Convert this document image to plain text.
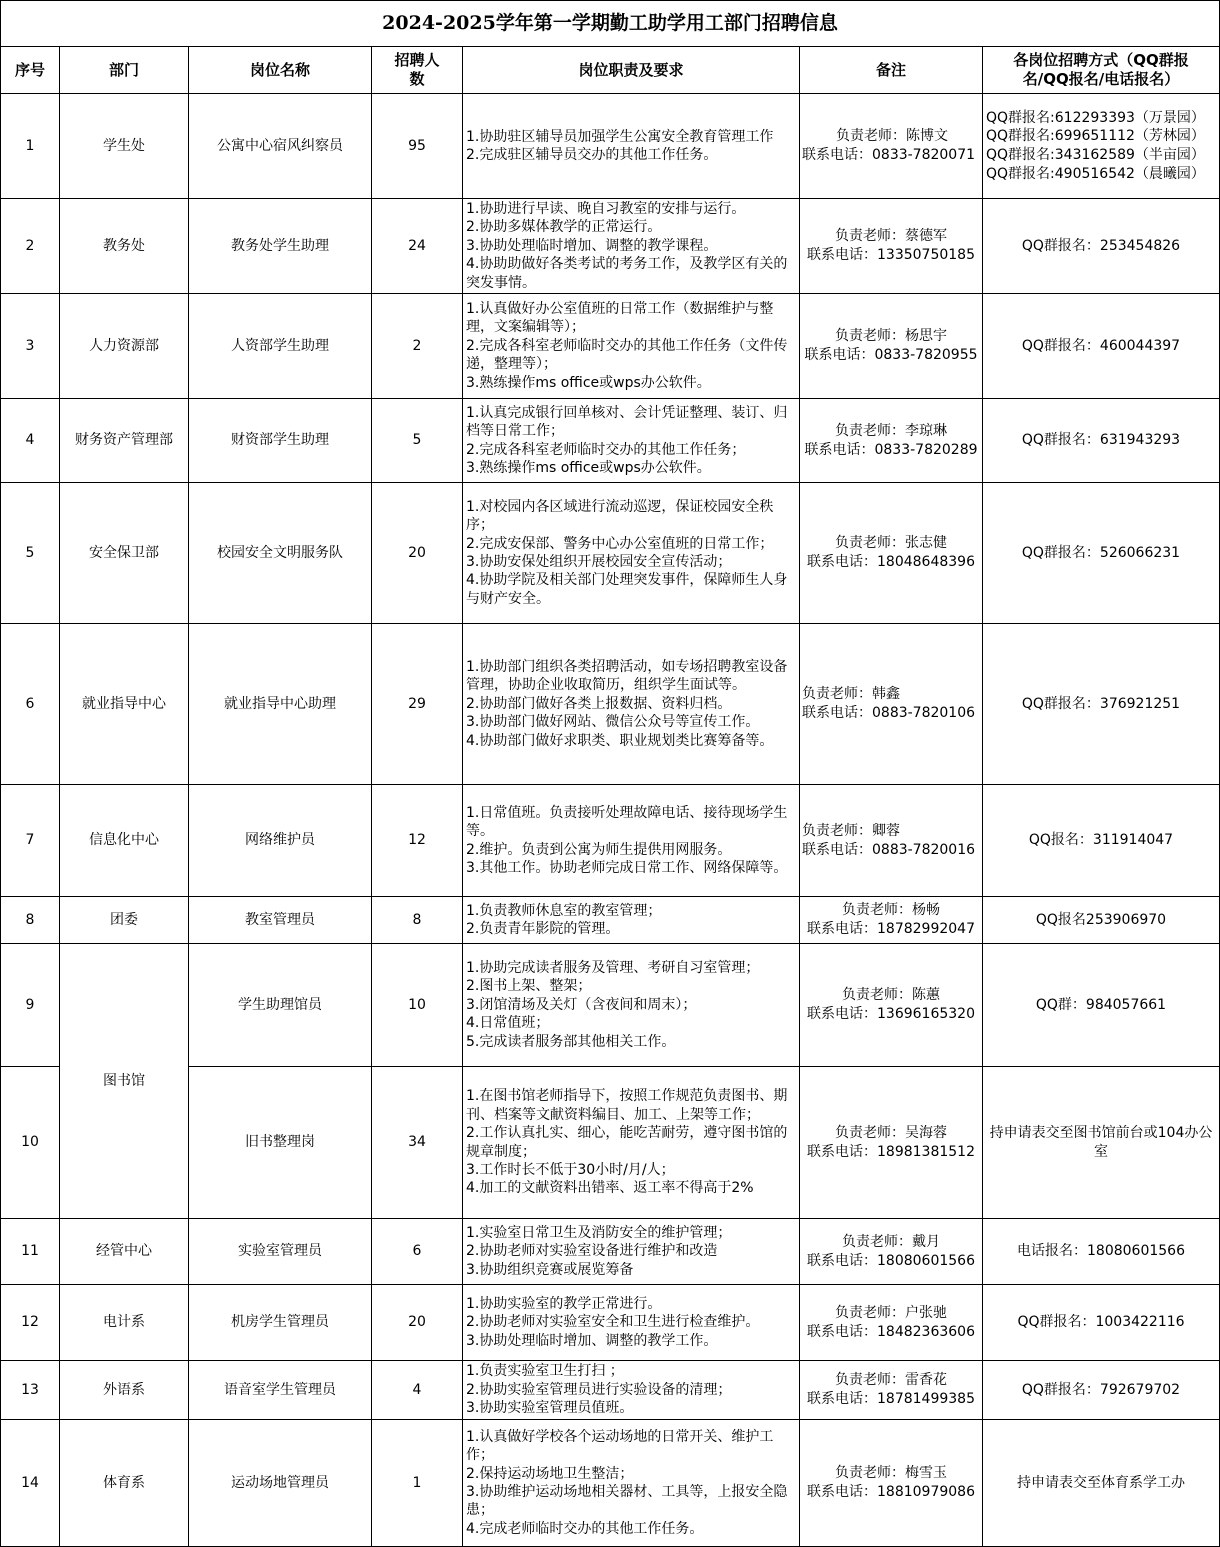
2024-2025学年第一学期勤工助学用工部门招聘信息						
序号	部门	岗位名称	招聘人数	岗位职责及要求	备注	各岗位招聘方式（QQ群报名/QQ报名/电话报名）
1	学生处	公寓中心宿风纠察员	95	1.协助驻区辅导员加强学生公寓安全教育管理工作
2.完成驻区辅导员交办的其他工作任务。	负责老师：陈博文
联系电话：0833-7820071	QQ群报名:612293393（万景园）
QQ群报名:699651112（芳林园）
QQ群报名:343162589（半亩园）
QQ群报名:490516542（晨曦园）

2	教务处	教务处学生助理	24	1.协助进行早读、晚自习教室的安排与运行。
2.协助多媒体教学的正常运行。
3.协助处理临时增加、调整的教学课程。
4.协助助做好各类考试的考务工作，及教学区有关的突发事情。	负责老师：蔡德军
联系电话：13350750185	QQ群报名：253454826

3	人力资源部	人资部学生助理	2	1.认真做好办公室值班的日常工作（数据维护与整理，文案编辑等）；
2.完成各科室老师临时交办的其他工作任务（文件传递，整理等）；
3.熟练操作ms office或wps办公软件。	负责老师：杨思宇
联系电话：0833-7820955	QQ群报名：460044397

4	财务资产管理部	财资部学生助理	5	1.认真完成银行回单核对、会计凭证整理、装订、归档等日常工作；
2.完成各科室老师临时交办的其他工作任务；
3.熟练操作ms office或wps办公软件。	负责老师：李琼琳
联系电话：0833-7820289	QQ群报名：631943293

5	安全保卫部	校园安全文明服务队	20	1.对校园内各区域进行流动巡逻，保证校园安全秩序；
2.完成安保部、警务中心办公室值班的日常工作；
3.协助安保处组织开展校园安全宣传活动；
4.协助学院及相关部门处理突发事件，保障师生人身与财产安全。	负责老师：张志健
联系电话：18048648396	QQ群报名：526066231

6	就业指导中心	就业指导中心助理	29	1.协助部门组织各类招聘活动，如专场招聘教室设备管理，协助企业收取简历，组织学生面试等。
2.协助部门做好各类上报数据、资料归档。
3.协助部门做好网站、微信公众号等宣传工作。
4.协助部门做好求职类、职业规划类比赛筹备等。	负责老师：韩鑫
联系电话：0883-7820106	QQ群报名：376921251

7	信息化中心	网络维护员	12	1.日常值班。负责接听处理故障电话、接待现场学生等。
2.维护。负责到公寓为师生提供用网服务。
3.其他工作。协助老师完成日常工作、网络保障等。	负责老师：卿蓉
联系电话：0883-7820016	QQ报名：311914047

8	团委	教室管理员	8	1.负责教师休息室的教室管理；
2.负责青年影院的管理。	负责老师：杨畅
联系电话：18782992047	QQ报名253906970

9	图书馆	学生助理馆员	10	1.协助完成读者服务及管理、考研自习室管理；
2.图书上架、整架；
3.闭馆清场及关灯（含夜间和周末）；
4.日常值班；
5.完成读者服务部其他相关工作。	负责老师：陈蕙
联系电话：13696165320	QQ群：984057661

10		旧书整理岗	34	1.在图书馆老师指导下，按照工作规范负责图书、期刊、档案等文献资料编目、加工、上架等工作；
2.工作认真扎实、细心，能吃苦耐劳，遵守图书馆的规章制度；
3.工作时长不低于30小时/月/人；
4.加工的文献资料出错率、返工率不得高于2%	负责老师：吴海蓉
联系电话：18981381512	持申请表交至图书馆前台或104办公室

11	经管中心	实验室管理员	6	1.实验室日常卫生及消防安全的维护管理；
2.协助老师对实验室设备进行维护和改造
3.协助组织竞赛或展览筹备	负责老师：戴月
联系电话：18080601566	电话报名：18080601566

12	电计系	机房学生管理员	20	1.协助实验室的教学正常进行。
2.协助老师对实验室安全和卫生进行检查维护。
3.协助处理临时增加、调整的教学工作。	负责老师：户张驰
联系电话：18482363606	QQ群报名：1003422116

13	外语系	语音室学生管理员	4	1.负责实验室卫生打扫 ；
2.协助实验室管理员进行实验设备的清理；
3.协助实验室管理员值班。	负责老师：雷香花
联系电话：18781499385	QQ群报名：792679702

14	体育系	运动场地管理员	1	1.认真做好学校各个运动场地的日常开关、维护工作；
2.保持运动场地卫生整洁；
3.协助维护运动场地相关器材、工具等，上报安全隐患；
4.完成老师临时交办的其他工作任务。	负责老师：梅雪玉
联系电话：18810979086	持申请表交至体育系学工办
